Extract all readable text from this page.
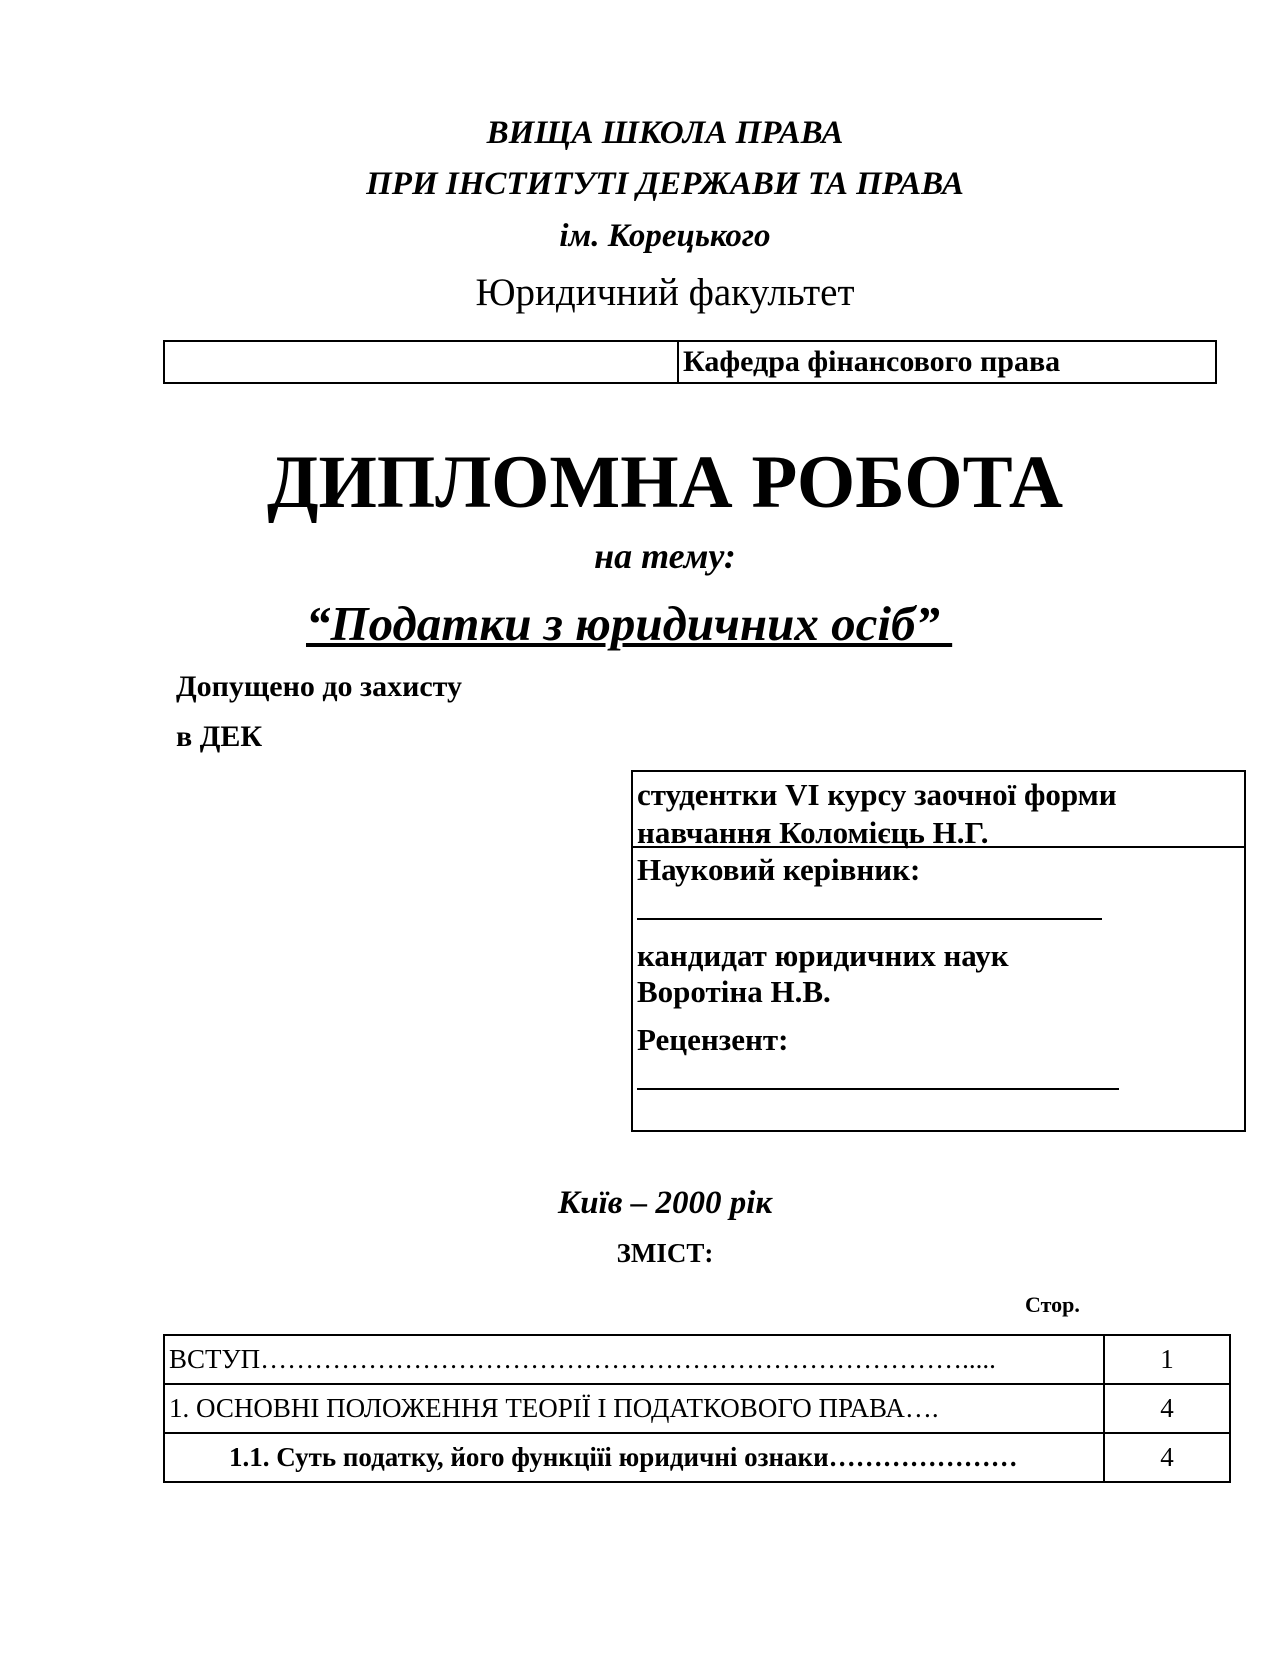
ВИЩА ШКОЛА ПРАВА
ПРИ ІНСТИТУТІ ДЕРЖАВИ ТА ПРАВА
ім. Корецького
Юридичний факультет
Кафедра фінансового права
ДИПЛОМНА РОБОТА
на тему:
“Податки з юридичних осіб”
Допущено до захисту
в ДЕК
студентки VI курсу заочної форми
навчання Коломієць Н.Г.
Науковий керівник:
кандидат юридичних наук
Воротіна Н.В.
Рецензент:
Київ – 2000 рік
ЗМІСТ:
Стор.
ВСТУП…………………………………………………………………….....	1
1. ОСНОВНІ ПОЛОЖЕННЯ ТЕОРІЇ І ПОДАТКОВОГО ПРАВА….	4
1.1. Суть податку, його функціїі юридичні ознаки…………………	4
